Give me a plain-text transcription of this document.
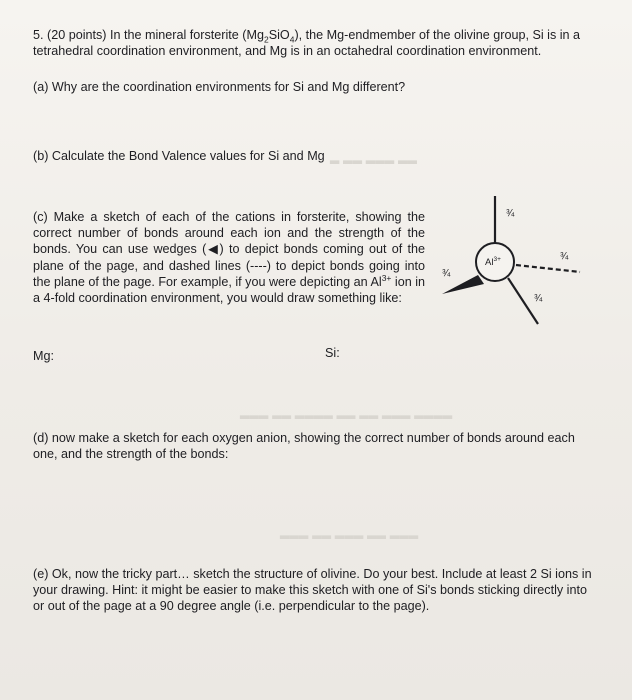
▂ ▂▂ ▂▂▂ ▂▂
▂▂▂ ▂▂ ▂▂▂▂ ▂▂ ▂▂ ▂▂▂ ▂▂▂▂
▂▂▂ ▂▂ ▂▂▂ ▂▂ ▂▂▂
5. (20 points) In the mineral forsterite $(Mg_2SiO_4)$, the Mg-endmember of the olivine group, Si is in a tetrahedral coordination environment, and Mg is in an octahedral coordination environment.
(a) Why are the coordination environments for Si and Mg different?
(b) Calculate the Bond Valence values for Si and Mg
(c) Make a sketch of each of the cations in forsterite, showing the correct number of bonds around each ion and the strength of the bonds. You can use wedges (◀) to depict bonds coming out of the plane of the page, and dashed lines (----) to depict bonds going into the plane of the page. For example, if you were depicting an $Al^{3+}$ ion in a 4-fold coordination environment, you would draw something like:
$Al^{3+}$
¾
¾
¾
¾
Mg:	Si:
(d) now make a sketch for each oxygen anion, showing the correct number of bonds around each one, and the strength of the bonds:
(e) Ok, now the tricky part… sketch the structure of olivine. Do your best. Include at least 2 Si ions in your drawing. Hint: it might be easier to make this sketch with one of Si's bonds sticking directly into or out of the page at a 90 degree angle (i.e. perpendicular to the page).
